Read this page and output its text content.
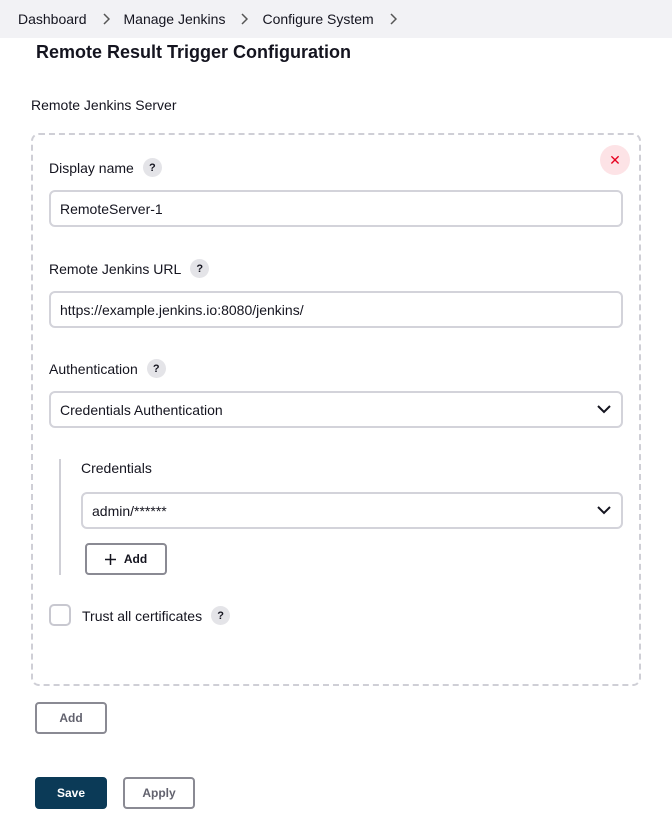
Dashboard	Manage Jenkins	Configure System
Remote Result Trigger Configuration
Remote Jenkins Server
✕
Display name	?
RemoteServer-1
Remote Jenkins URL	?
https://example.jenkins.io:8080/jenkins/
Authentication	?
Credentials Authentication
Credentials
admin/******
Add
Trust all certificates	?
Add
Save	Apply
